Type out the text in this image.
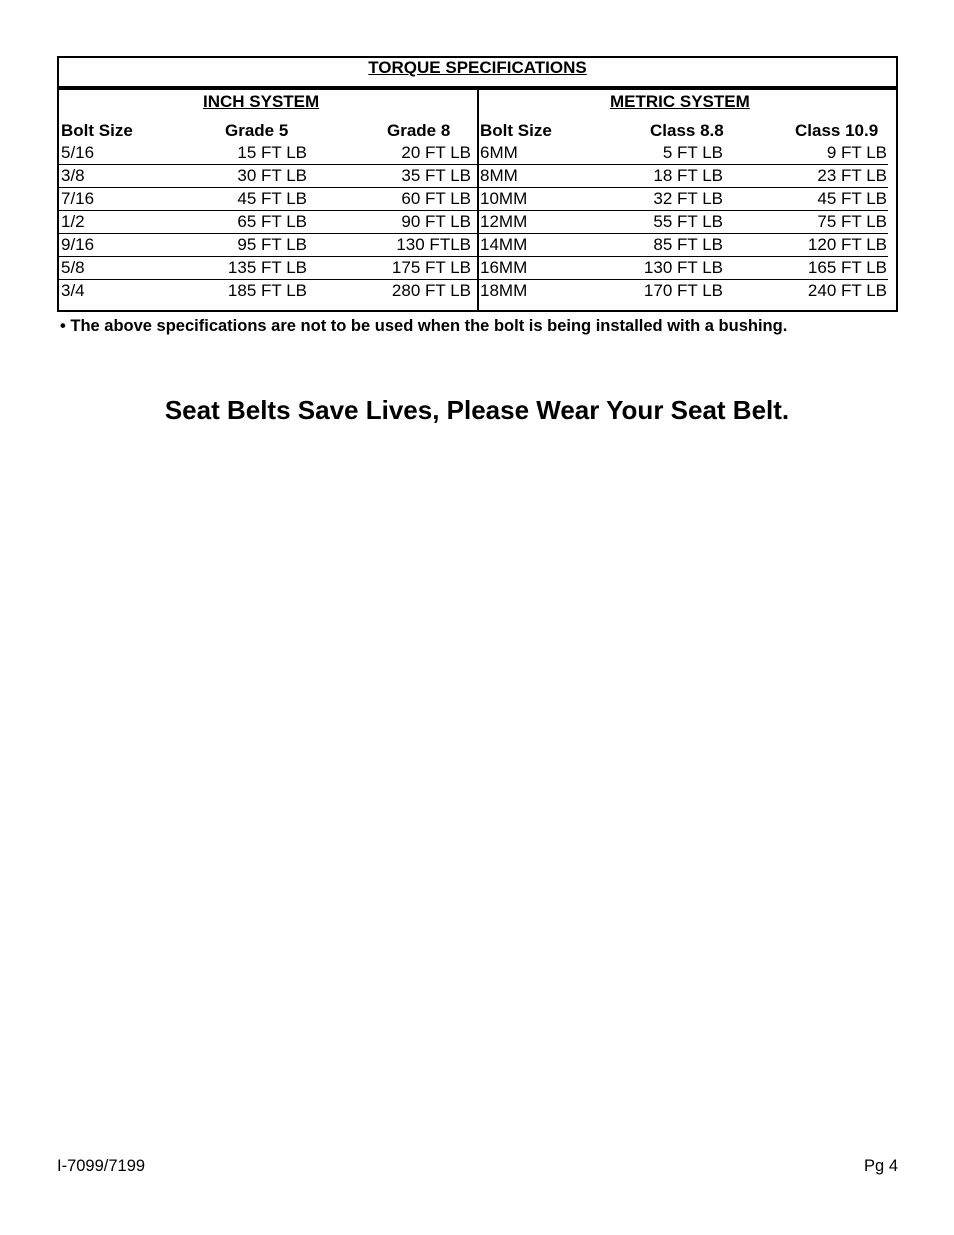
TORQUE SPECIFICATIONS
INCH SYSTEM
Bolt Size	Grade 5	Grade 8
5/16	15 FT LB	20 FT LB
3/8	30 FT LB	35 FT LB
7/16	45 FT LB	60 FT LB
1/2	65 FT LB	90 FT LB
9/16	95 FT LB	130 FTLB
5/8	135 FT LB	175 FT LB
3/4	185 FT LB	280 FT LB
METRIC SYSTEM
Bolt Size	Class 8.8	Class 10.9
6MM	5 FT LB	9 FT LB
8MM	18 FT LB	23 FT LB
10MM	32 FT LB	45 FT LB
12MM	55 FT LB	75 FT LB
14MM	85 FT LB	120 FT LB
16MM	130 FT LB	165 FT LB
18MM	170 FT LB	240 FT LB
• The above specifications are not to be used when the bolt is being installed with a bushing.
Seat Belts Save Lives, Please Wear Your Seat Belt.
I-7099/7199	Pg 4
